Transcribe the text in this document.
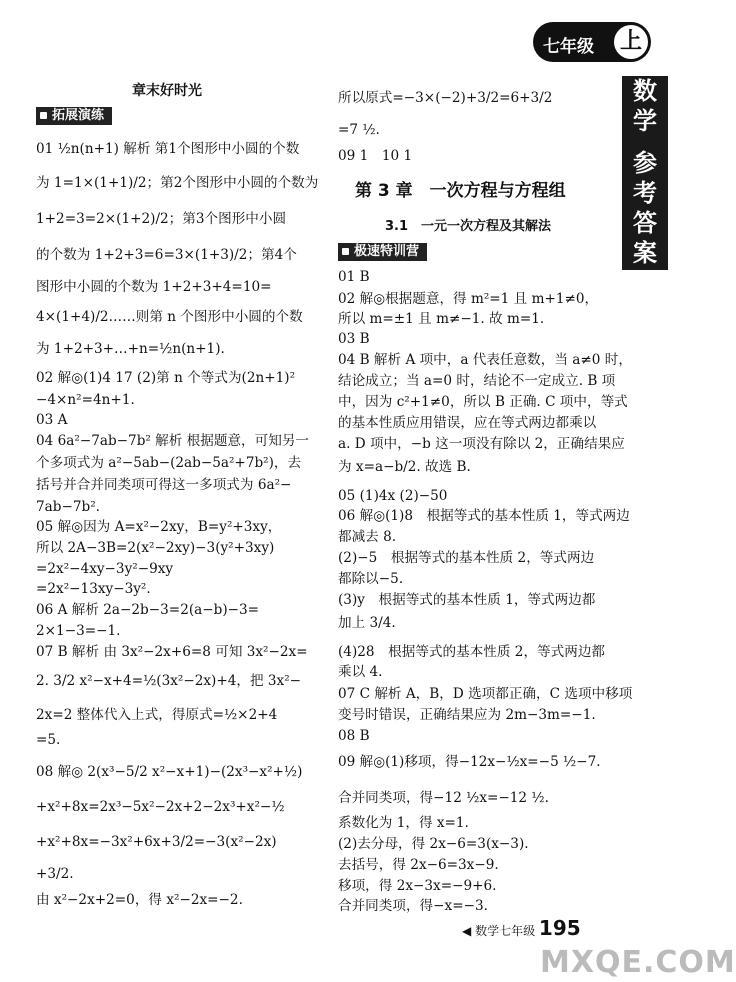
七年级 上
数
学
参
考
答
案
章末好时光
拓展演练
01 ½n(n+1) 解析 第1个图形中小圆的个数
为 1=1×(1+1)/2；第2个图形中小圆的个数为
1+2=3=2×(1+2)/2；第3个图形中小圆
的个数为 1+2+3=6=3×(1+3)/2；第4个
图形中小圆的个数为 1+2+3+4=10=
4×(1+4)/2……则第 n 个图形中小圆的个数
为 1+2+3+…+n=½n(n+1).
02 解◎(1)4 17 (2)第 n 个等式为(2n+1)²
−4×n²=4n+1.
03 A
04 6a²−7ab−7b² 解析 根据题意，可知另一
个多项式为 a²−5ab−(2ab−5a²+7b²)，去
括号并合并同类项可得这一多项式为 6a²−
7ab−7b².
05 解◎因为 A=x²−2xy，B=y²+3xy，
所以 2A−3B=2(x²−2xy)−3(y²+3xy)
=2x²−4xy−3y²−9xy
=2x²−13xy−3y².
06 A 解析 2a−2b−3=2(a−b)−3=
2×1−3=−1.
07 B 解析 由 3x²−2x+6=8 可知 3x²−2x=
2. 3/2 x²−x+4=½(3x²−2x)+4，把 3x²−
2x=2 整体代入上式，得原式=½×2+4
=5.
08 解◎ 2(x³−5/2 x²−x+1)−(2x³−x²+½)
+x²+8x=2x³−5x²−2x+2−2x³+x²−½
+x²+8x=−3x²+6x+3/2=−3(x²−2x)
+3/2.
由 x²−2x+2=0，得 x²−2x=−2.
所以原式=−3×(−2)+3/2=6+3/2
=7 ½.
09 1　10 1
第 3 章　一次方程与方程组
3.1　一元一次方程及其解法
极速特训营
01 B
02 解◎根据题意，得 m²=1 且 m+1≠0，
所以 m=±1 且 m≠−1. 故 m=1.
03 B
04 B 解析 A 项中，a 代表任意数，当 a≠0 时，
结论成立；当 a=0 时，结论不一定成立. B 项
中，因为 c²+1≠0，所以 B 正确. C 项中，等式
的基本性质应用错误，应在等式两边都乘以
a. D 项中，−b 这一项没有除以 2，正确结果应
为 x=a−b/2. 故选 B.
05 (1)4x (2)−50
06 解◎(1)8　根据等式的基本性质 1，等式两边
都减去 8.
(2)−5　根据等式的基本性质 2，等式两边
都除以−5.
(3)y　根据等式的基本性质 1，等式两边都
加上 3/4.
(4)28　根据等式的基本性质 2，等式两边都
乘以 4.
07 C 解析 A，B，D 选项都正确，C 选项中移项
变号时错误，正确结果应为 2m−3m=−1.
08 B
09 解◎(1)移项，得−12x−½x=−5 ½−7.
合并同类项，得−12 ½x=−12 ½.
系数化为 1，得 x=1.
(2)去分母，得 2x−6=3(x−3).
去括号，得 2x−6=3x−9.
移项，得 2x−3x=−9+6.
合并同类项，得−x=−3.
◀ 数学七年级 195
MXQE.COM
